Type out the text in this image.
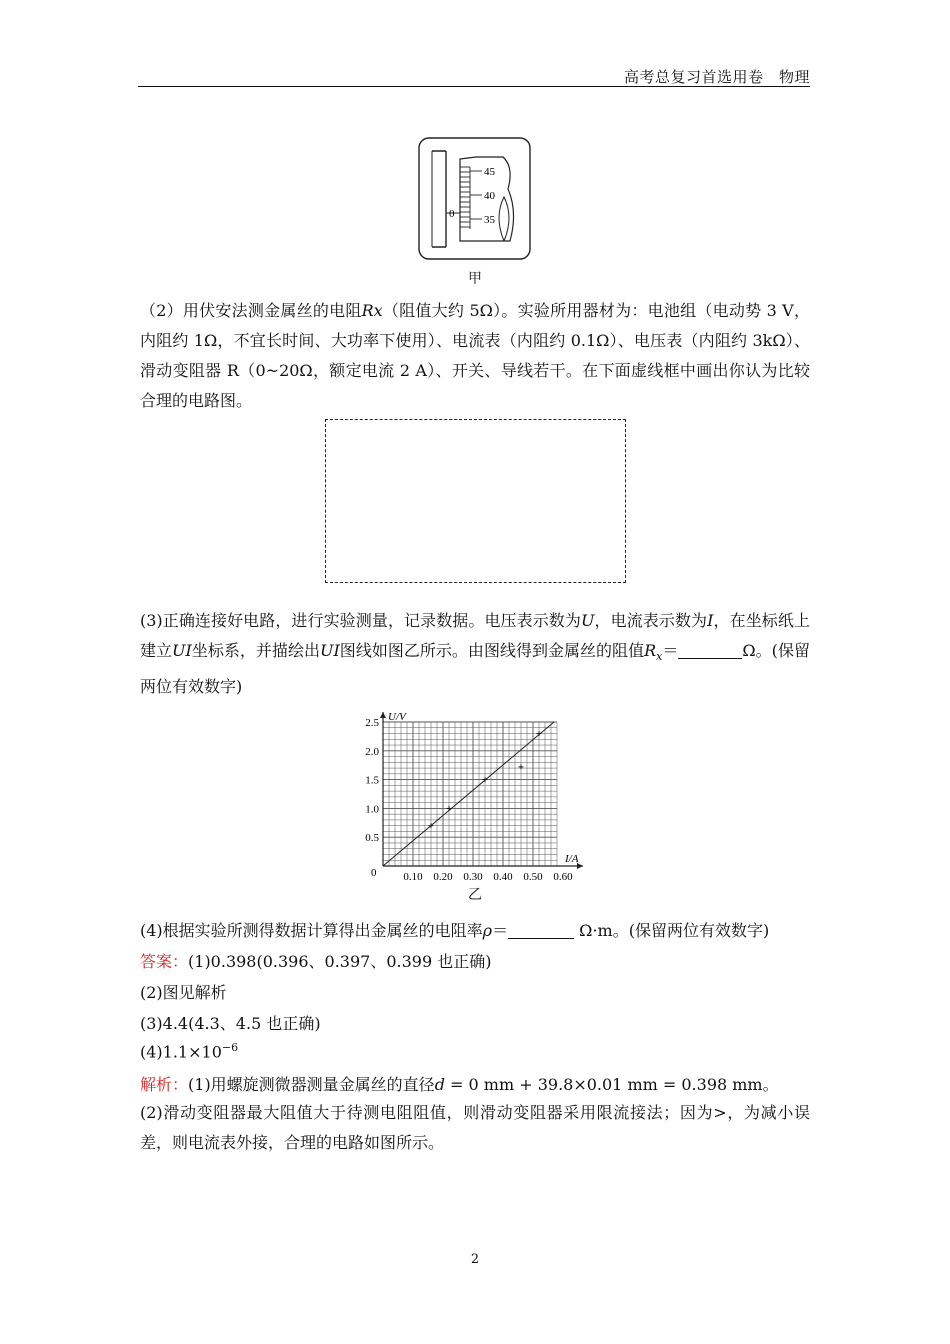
高考总复习首选用卷　物理
0
45
40
35
甲
（2）用伏安法测金属丝的电阻Rx（阻值大约 5Ω）。实验所用器材为：电池组（电动势 3 V，内阻约 1Ω，不宜长时间、大功率下使用）、电流表（内阻约 0.1Ω）、电压表（内阻约 3kΩ）、滑动变阻器 R（0~20Ω，额定电流 2 A）、开关、导线若干。在下面虚线框中画出你认为比较合理的电路图。
(3)正确连接好电路，进行实验测量，记录数据。电压表示数为U，电流表示数为I，在坐标纸上建立UI坐标系，并描绘出UI图线如图乙所示。由图线得到金属丝的阻值$R_x=$	Ω。(保留两位有效数字)
0.10 0.20 0.30 0.40 0.50 0.60
0.5
1.0
1.5
2.0
2.5 U/V
I/A
0
乙
(4)根据实验所测得数据计算得出金属丝的电阻率ρ＝	Ω·m。(保留两位有效数字)
答案：(1)0.398(0.396、0.397、0.399 也正确)
(2)图见解析
(3)4.4(4.3、4.5 也正确)
$(4)1.1\times 10^{-6}$
解析：(1)用螺旋测微器测量金属丝的直径d = 0 mm + 39.8×0.01 mm = 0.398 mm。
(2)滑动变阻器最大阻值大于待测电阻阻值，则滑动变阻器采用限流接法；因为>，为减小误差，则电流表外接，合理的电路如图所示。
2
